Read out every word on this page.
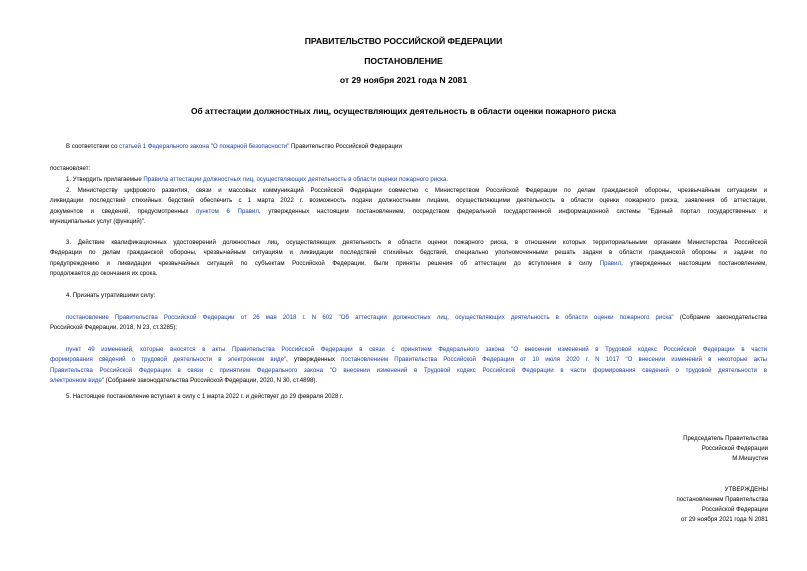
ПРАВИТЕЛЬСТВО РОССИЙСКОЙ ФЕДЕРАЦИИ
ПОСТАНОВЛЕНИЕ
от 29 ноября 2021 года N 2081
Об аттестации должностных лиц, осуществляющих деятельность в области оценки пожарного риска
В соответствии со статьей 1 Федерального закона "О пожарной безопасности" Правительство Российской Федерации
постановляет:
1. Утвердить прилагаемые Правила аттестации должностных лиц, осуществляющих деятельность в области оценки пожарного риска.
2. Министерству цифрового развития, связи и массовых коммуникаций Российской Федерации совместно с Министерством Российской Федерации по делам гражданской обороны, чрезвычайным ситуациям и
ликвидации последствий стихийных бедствий обеспечить с 1 марта 2022 г. возможность подачи должностными лицами, осуществляющими деятельность в области оценки пожарного риска, заявления об аттестации,
документов и сведений, предусмотренных пунктом 6 Правил, утвержденных настоящим постановлением, посредством федеральной государственной информационной системы "Единый портал государственных и
муниципальных услуг (функций)".
3. Действие квалификационных удостоверений должностных лиц, осуществляющих деятельность в области оценки пожарного риска, в отношении которых территориальными органами Министерства Российской
Федерации по делам гражданской обороны, чрезвычайным ситуациям и ликвидации последствий стихийных бедствий, специально уполномоченными решать задачи в области гражданской обороны и задачи по
предупреждению и ликвидации чрезвычайных ситуаций по субъектам Российской Федерации, были приняты решения об аттестации до вступления в силу Правил, утвержденных настоящим постановлением,
продолжается до окончания их срока.
4. Признать утратившими силу:
постановление Правительства Российской Федерации от 26 мая 2018 г. N 602 "Об аттестации должностных лиц, осуществляющих деятельность в области оценки пожарного риска" (Собрание законодательства
Российской Федерации, 2018, N 23, ст.3285);
пункт 49 изменений, которые вносятся в акты Правительства Российской Федерации в связи с принятием Федерального закона "О внесении изменений в Трудовой кодекс Российской Федерации в части
формирования сведений о трудовой деятельности в электронном виде", утвержденных постановлением Правительства Российской Федерации от 10 июля 2020 г. N 1017 "О внесении изменений в некоторые акты
Правительства Российской Федерации в связи с принятием Федерального закона "О внесении изменений в Трудовой кодекс Российской Федерации в части формирования сведений о трудовой деятельности в
электронном виде" (Собрание законодательства Российской Федерации, 2020, N 30, ст.4898).
5. Настоящее постановление вступает в силу с 1 марта 2022 г. и действует до 29 февраля 2028 г.
Председатель Правительства
Российской Федерации
М.Мишустин
УТВЕРЖДЕНЫ
постановлением Правительства
Российской Федерации
от 29 ноября 2021 года N 2081
